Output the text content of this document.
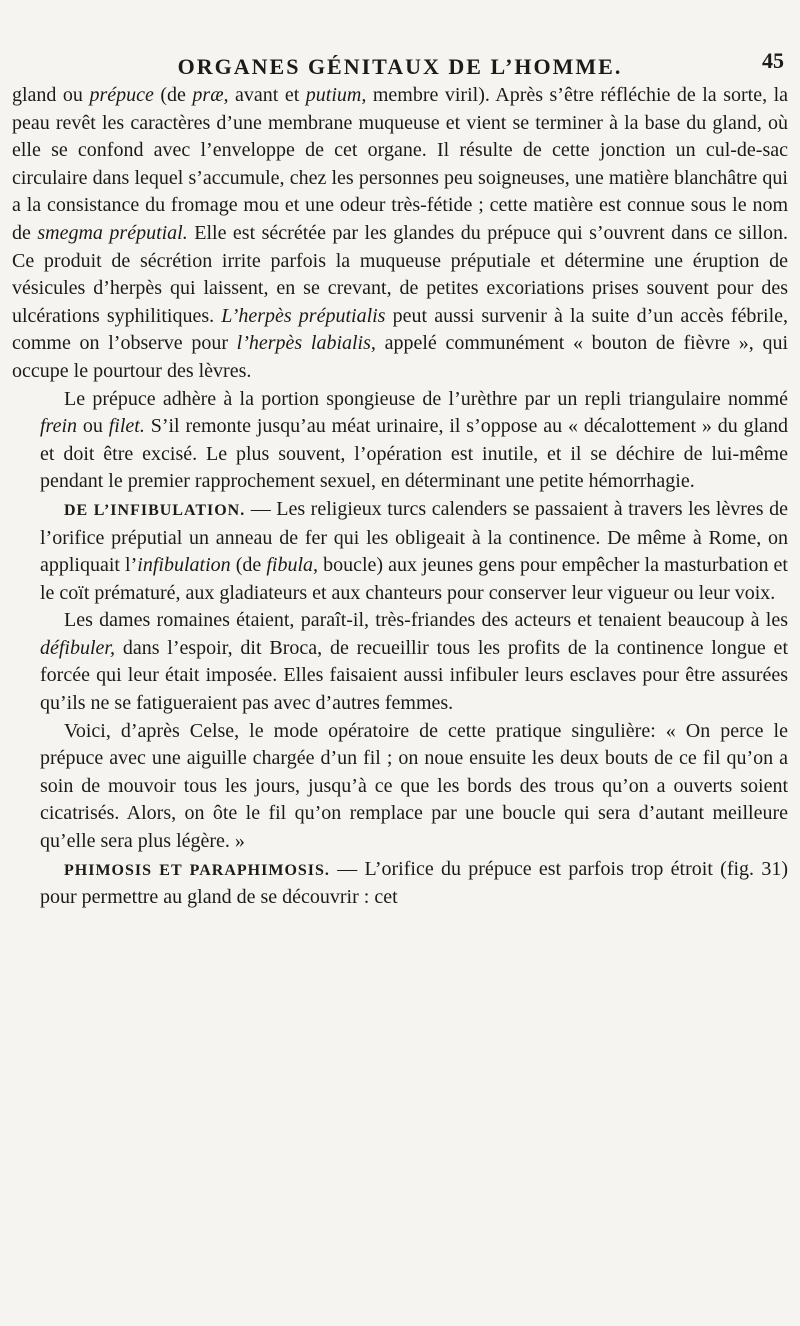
ORGANES GÉNITAUX DE L’HOMME.	45

gland ou prépuce (de præ, avant et putium, membre viril). Après s’être réfléchie de la sorte, la peau revêt les caractères d’une membrane muqueuse et vient se terminer à la base du gland, où elle se confond avec l’enveloppe de cet organe. Il résulte de cette jonction un cul-de-sac circulaire dans lequel s’accumule, chez les personnes peu soigneuses, une matière blanchâtre qui a la consistance du fromage mou et une odeur très-fétide ; cette matière est connue sous le nom de smegma préputial. Elle est sécrétée par les glandes du prépuce qui s’ouvrent dans ce sillon. Ce produit de sécrétion irrite parfois la muqueuse préputiale et détermine une éruption de vésicules d’herpès qui laissent, en se crevant, de petites excoriations prises souvent pour des ulcérations syphilitiques. L’herpès préputialis peut aussi survenir à la suite d’un accès fébrile, comme on l’observe pour l’herpès labialis, appelé communément « bouton de fièvre », qui occupe le pourtour des lèvres.

Le prépuce adhère à la portion spongieuse de l’urèthre par un repli triangulaire nommé frein ou filet. S’il remonte jusqu’au méat urinaire, il s’oppose au « décalottement » du gland et doit être excisé. Le plus souvent, l’opération est inutile, et il se déchire de lui-même pendant le premier rapprochement sexuel, en déterminant une petite hémorrhagie.

DE L’INFIBULATION. — Les religieux turcs calenders se passaient à travers les lèvres de l’orifice préputial un anneau de fer qui les obligeait à la continence. De même à Rome, on appliquait l’infibulation (de fibula, boucle) aux jeunes gens pour empêcher la masturbation et le coït prématuré, aux gladiateurs et aux chanteurs pour conserver leur vigueur ou leur voix.

Les dames romaines étaient, paraît-il, très-friandes des acteurs et tenaient beaucoup à les défibuler, dans l’espoir, dit Broca, de recueillir tous les profits de la continence longue et forcée qui leur était imposée. Elles faisaient aussi infibuler leurs esclaves pour être assurées qu’ils ne se fatigueraient pas avec d’autres femmes.

Voici, d’après Celse, le mode opératoire de cette pratique singulière: « On perce le prépuce avec une aiguille chargée d’un fil ; on noue ensuite les deux bouts de ce fil qu’on a soin de mouvoir tous les jours, jusqu’à ce que les bords des trous qu’on a ouverts soient cicatrisés. Alors, on ôte le fil qu’on remplace par une boucle qui sera d’autant meilleure qu’elle sera plus légère. »

PHIMOSIS ET PARAPHIMOSIS. — L’orifice du prépuce est parfois trop étroit (fig. 31) pour permettre au gland de se découvrir : cet
